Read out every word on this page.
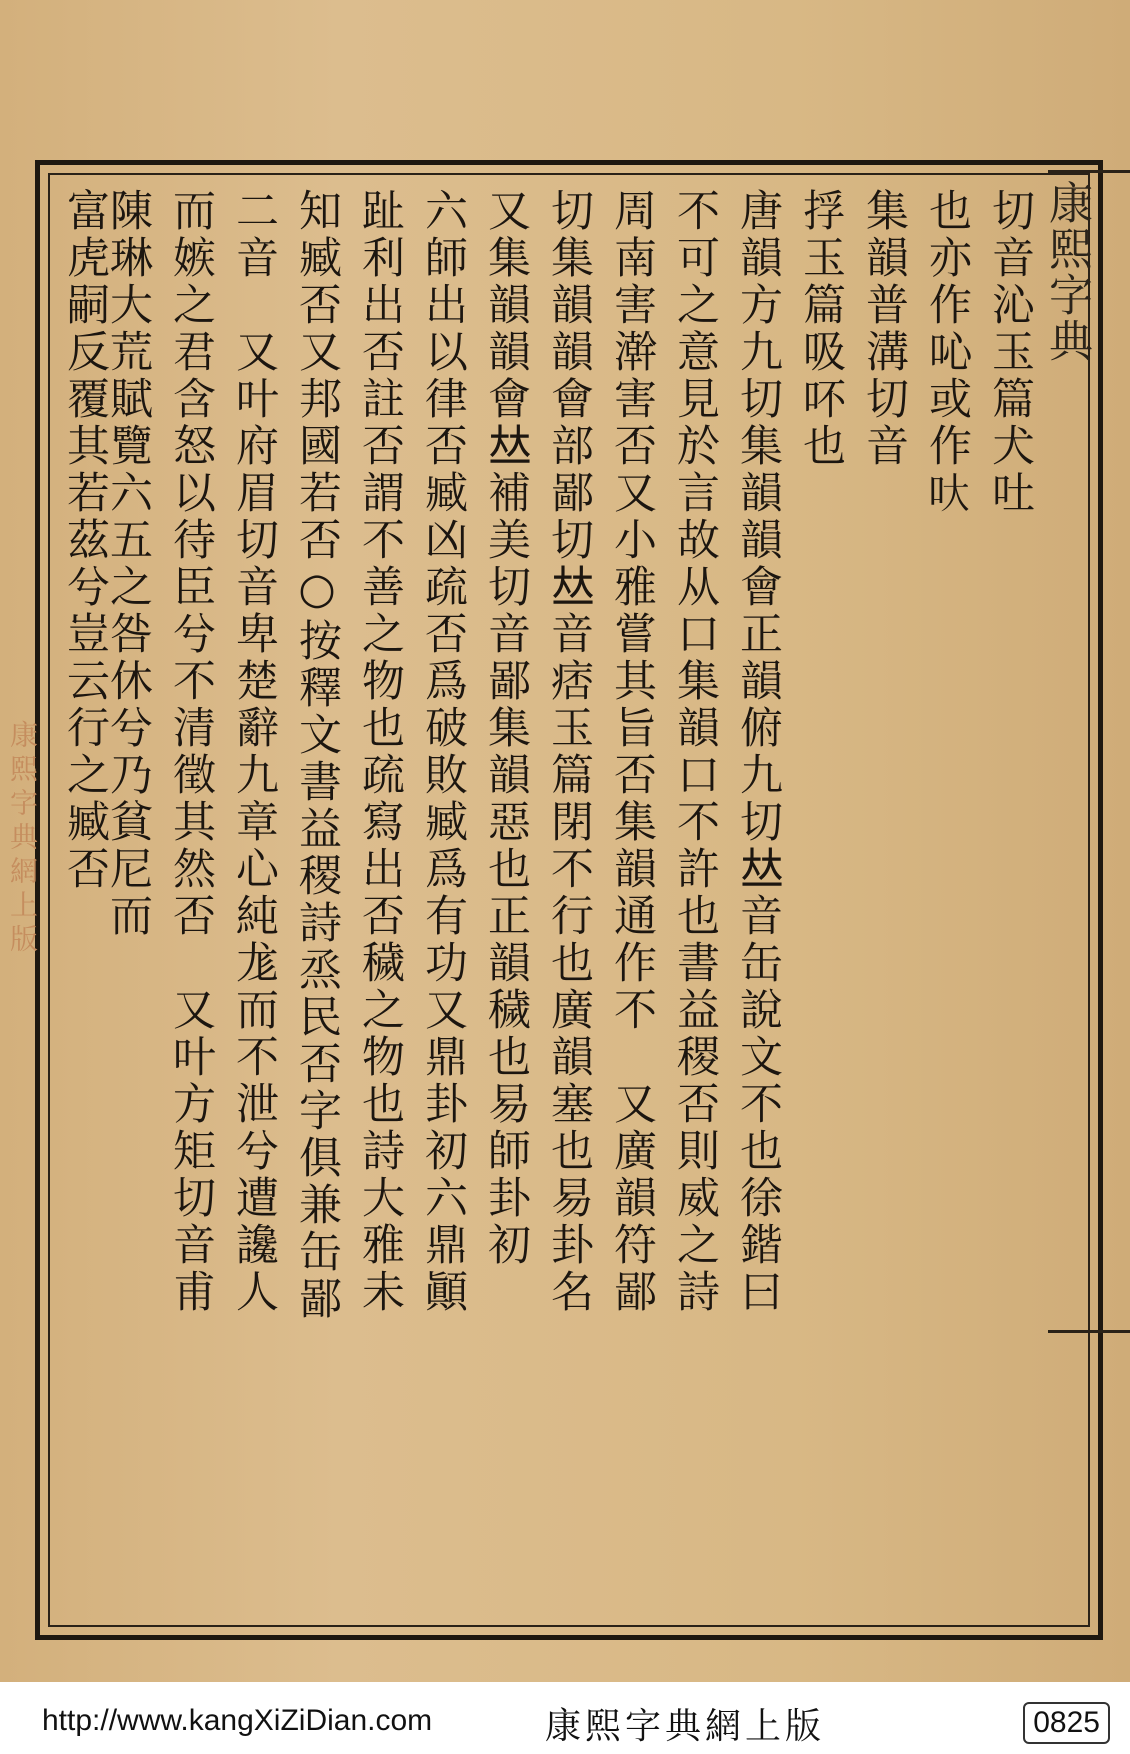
康熙字典
康熙字典網上版
切音沁玉篇犬吐
也亦作吣或作𠯈
集韻普溝切音
捊玉篇吸吥也
唐韻方九切集韻韻會正韻俯九切𠀤音缶說文不也徐鍇曰
不可之意見於言故从口集韻口不許也書益稷否則威之詩
周南害澣害否又小雅嘗其旨否集韻通作不　又廣韻符鄙
切集韻韻會部鄙切𠀤音痞玉篇閉不行也廣韻塞也易卦名
又集韻韻會𠀤補美切音鄙集韻惡也正韻穢也易師卦初
六師出以律否臧凶疏否爲破敗臧爲有功又鼎卦初六鼎顚
趾利出否註否謂不善之物也疏寫出否穢之物也詩大雅未
知臧否又邦國若否○按釋文書益稷詩烝民否字俱兼缶鄙
二音　又叶府眉切音卑楚辭九章心純尨而不泄兮遭讒人
而嫉之君含怒以待臣兮不清徵其然否　又叶方矩切音甫
陳琳大荒賦覽六五之咎休兮乃貧尼而
富虎嗣反覆其若茲兮豈云行之臧否
http://www.kangXiZiDian.com	康熙字典網上版	0825
